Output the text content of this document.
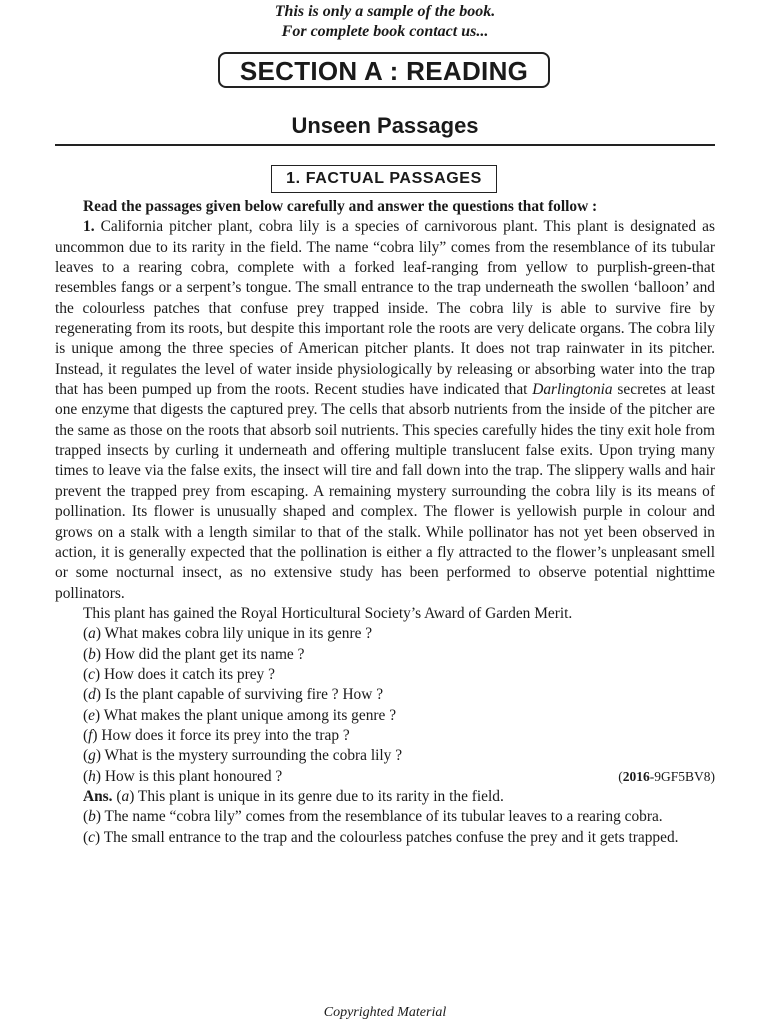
This is only a sample of the book.
For complete book contact us...
SECTION A : READING
Unseen Passages
1. FACTUAL PASSAGES

Read the passages given below carefully and answer the questions that follow :

1. California pitcher plant, cobra lily is a species of carnivorous plant. This plant is designated as uncommon due to its rarity in the field. The name “cobra lily” comes from the resemblance of its tubular leaves to a rearing cobra, complete with a forked leaf-ranging from yellow to purplish-green-that resembles fangs or a serpent’s tongue. The small entrance to the trap underneath the swollen ‘balloon’ and the colourless patches that confuse prey trapped inside. The cobra lily is able to survive fire by regenerating from its roots, but despite this important role the roots are very delicate organs. The cobra lily is unique among the three species of American pitcher plants. It does not trap rainwater in its pitcher. Instead, it regulates the level of water inside physiologically by releasing or absorbing water into the trap that has been pumped up from the roots. Recent studies have indicated that Darlingtonia secretes at least one enzyme that digests the captured prey. The cells that absorb nutrients from the inside of the pitcher are the same as those on the roots that absorb soil nutrients. This species carefully hides the tiny exit hole from trapped insects by curling it underneath and offering multiple translucent false exits. Upon trying many times to leave via the false exits, the insect will tire and fall down into the trap. The slippery walls and hair prevent the trapped prey from escaping. A remaining mystery surrounding the cobra lily is its means of pollination. Its flower is unusually shaped and complex. The flower is yellowish purple in colour and grows on a stalk with a length similar to that of the stalk. While pollinator has not yet been observed in action, it is generally expected that the pollination is either a fly attracted to the flower’s unpleasant smell or some nocturnal insect, as no extensive study has been performed to observe potential nighttime pollinators.

This plant has gained the Royal Horticultural Society’s Award of Garden Merit.

(a) What makes cobra lily unique in its genre ?

(b) How did the plant get its name ?

(c) How does it catch its prey ?

(d) Is the plant capable of surviving fire ? How ?

(e) What makes the plant unique among its genre ?

(f) How does it force its prey into the trap ?

(g) What is the mystery surrounding the cobra lily ?

(h) How is this plant honoured ?	(2016-9GF5BV8)

Ans. (a) This plant is unique in its genre due to its rarity in the field.

(b) The name “cobra lily” comes from the resemblance of its tubular leaves to a rearing cobra.

(c) The small entrance to the trap and the colourless patches confuse the prey and it gets trapped.

Copyrighted Material
